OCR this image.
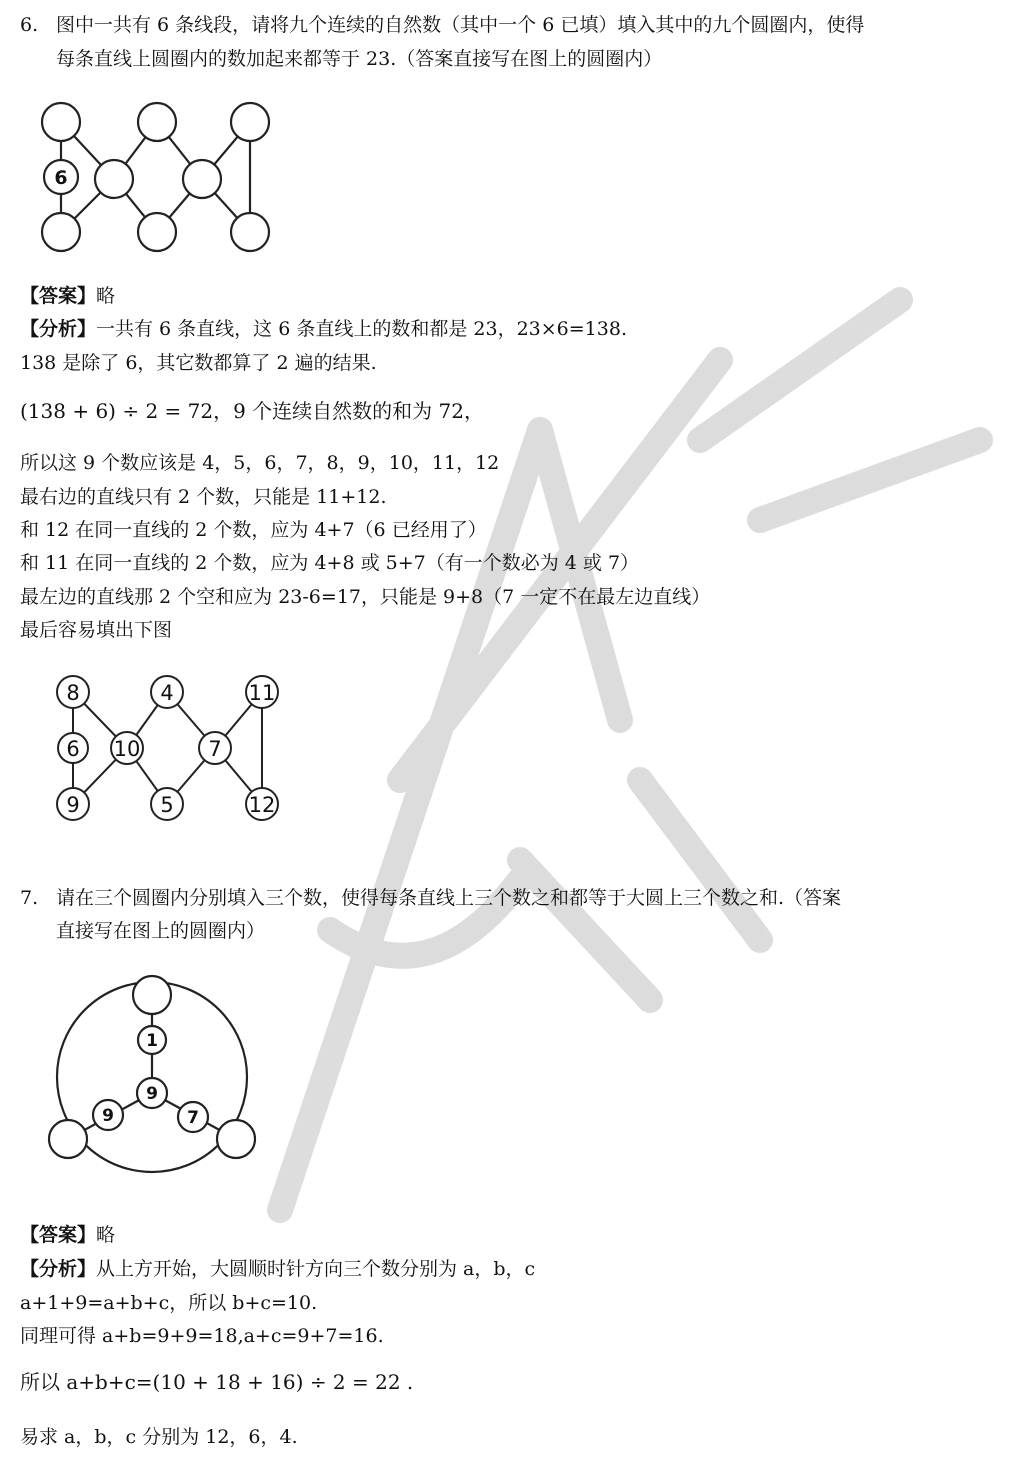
数竞派
6. 图中一共有 6 条线段，请将九个连续的自然数（其中一个 6 已填）填入其中的九个圆圈内，使得
每条直线上圆圈内的数加起来都等于 23.（答案直接写在图上的圆圈内）
6
【答案】略
【分析】一共有 6 条直线，这 6 条直线上的数和都是 23，23×6=138.
138 是除了 6，其它数都算了 2 遍的结果.
(138 + 6) ÷ 2 = 72，9 个连续自然数的和为 72，
所以这 9 个数应该是 4，5，6，7，8，9，10，11，12
最右边的直线只有 2 个数，只能是 11+12.
和 12 在同一直线的 2 个数，应为 4+7（6 已经用了）
和 11 在同一直线的 2 个数，应为 4+8 或 5+7（有一个数必为 4 或 7）
最左边的直线那 2 个空和应为 23-6=17，只能是 9+8（7 一定不在最左边直线）
最后容易填出下图
8	4	11
6 10	7
9	5	12
7. 请在三个圆圈内分别填入三个数，使得每条直线上三个数之和都等于大圆上三个数之和.（答案
直接写在图上的圆圈内）
1
9
9	7
【答案】略
【分析】从上方开始，大圆顺时针方向三个数分别为 a，b，c
a+1+9=a+b+c，所以 b+c=10.
同理可得 a+b=9+9=18,a+c=9+7=16.
所以 a+b+c=(10 + 18 + 16) ÷ 2 = 22 .
易求 a，b，c 分别为 12，6，4.
